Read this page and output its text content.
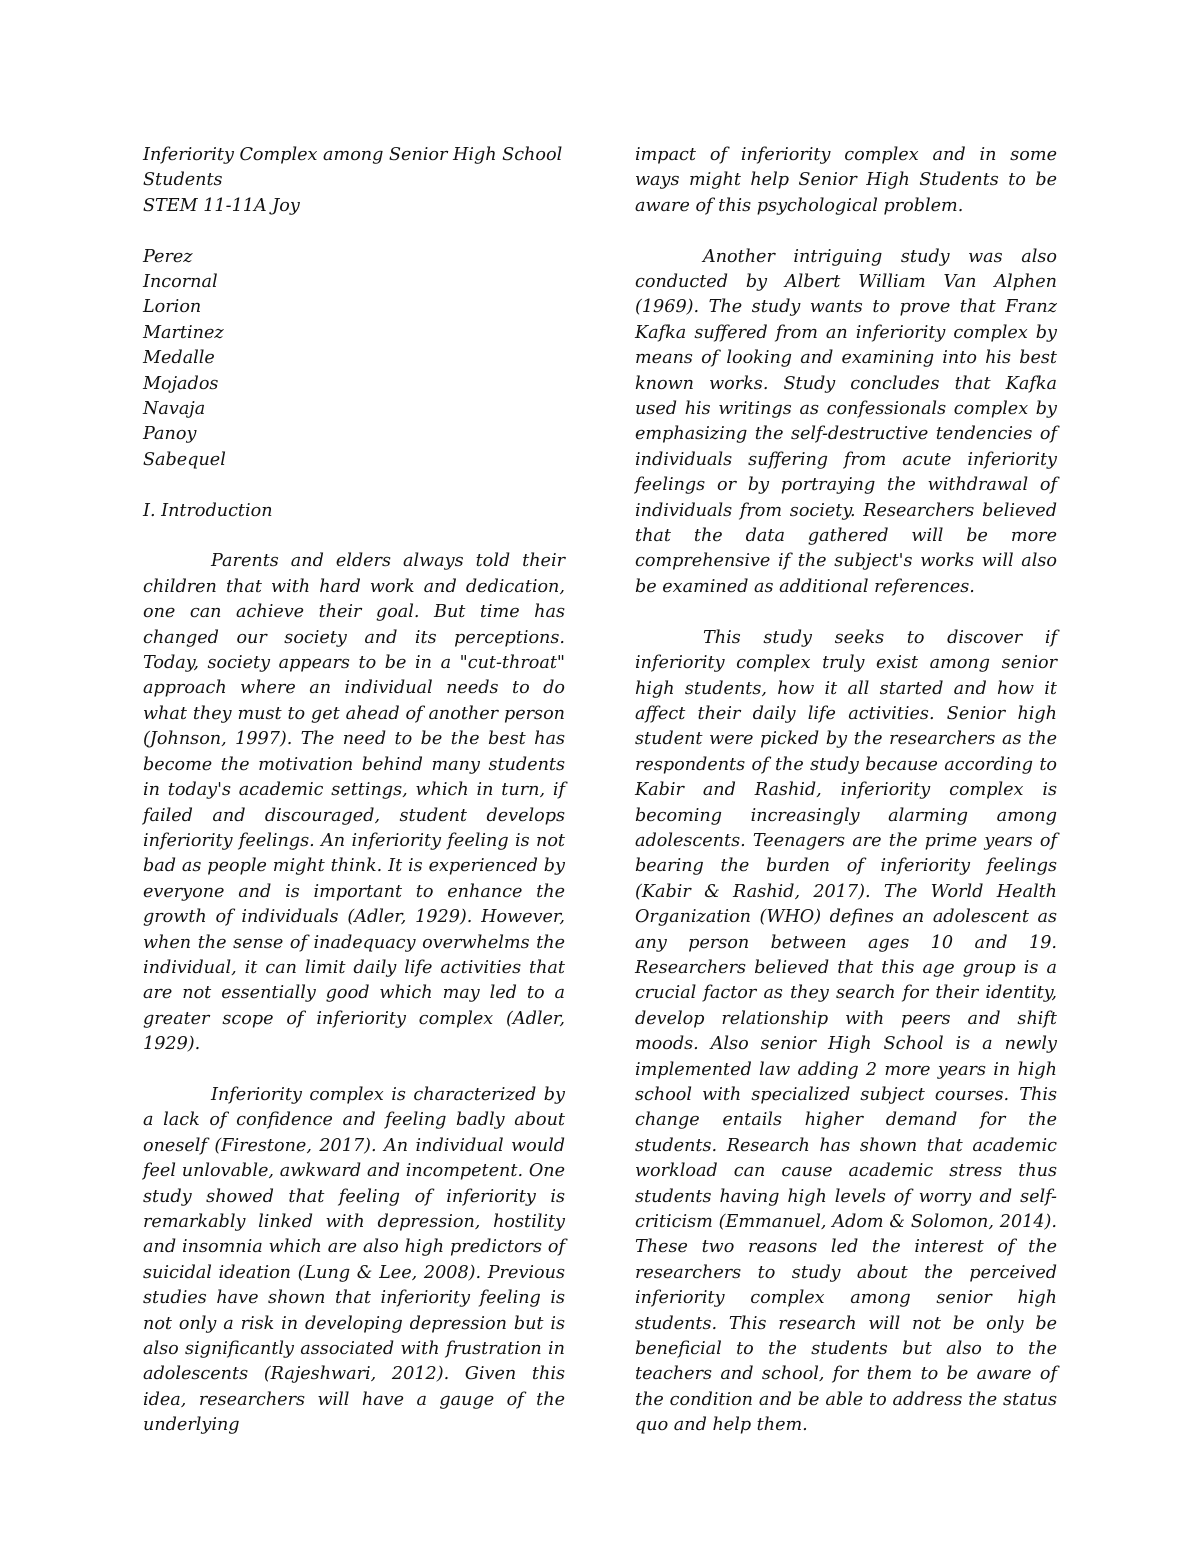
Inferiority Complex among Senior High School
Students
STEM 11-11A Joy
Perez
Incornal
Lorion
Martinez
Medalle
Mojados
Navaja
Panoy
Sabequel

I. Introduction

Parents and elders always told their children that with hard work and dedication, one can achieve their goal. But time has changed our society and its perceptions. Today, society appears to be in a "cut-throat" approach where an individual needs to do what they must to get ahead of another person (Johnson, 1997). The need to be the best has become the motivation behind many students in today's academic settings, which in turn, if failed and discouraged, student develops inferiority feelings. An inferiority feeling is not bad as people might think. It is experienced by everyone and is important to enhance the growth of individuals (Adler, 1929). However, when the sense of inadequacy overwhelms the individual, it can limit daily life activities that are not essentially good which may led to a greater scope of inferiority complex (Adler, 1929).

Inferiority complex is characterized by a lack of confidence and feeling badly about oneself (Firestone, 2017). An individual would feel unlovable, awkward and incompetent. One study showed that feeling of inferiority is remarkably linked with depression, hostility and insomnia which are also high predictors of suicidal ideation (Lung & Lee, 2008). Previous studies have shown that inferiority feeling is not only a risk in developing depression but is also significantly associated with frustration in adolescents (Rajeshwari, 2012). Given this idea, researchers will have a gauge of the underlying

impact of inferiority complex and in some ways might help Senior High Students to be aware of this psychological problem.

Another intriguing study was also conducted by Albert William Van Alphen (1969). The study wants to prove that Franz Kafka suffered from an inferiority complex by means of looking and examining into his best known works. Study concludes that Kafka used his writings as confessionals complex by emphasizing the self-destructive tendencies of individuals suffering from acute inferiority feelings or by portraying the withdrawal of individuals from society. Researchers believed that the data gathered will be more comprehensive if the subject's works will also be examined as additional references.

This study seeks to discover if inferiority complex truly exist among senior high students, how it all started and how it affect their daily life activities. Senior high student were picked by the researchers as the respondents of the study because according to Kabir and Rashid, inferiority complex is becoming increasingly alarming among adolescents. Teenagers are the prime years of bearing the burden of inferiority feelings (Kabir & Rashid, 2017). The World Health Organization (WHO) defines an adolescent as any person between ages 10 and 19. Researchers believed that this age group is a crucial factor as they search for their identity, develop relationship with peers and shift moods. Also senior High School is a newly implemented law adding 2 more years in high school with specialized subject courses. This change entails higher demand for the students. Research has shown that academic workload can cause academic stress thus students having high levels of worry and self-criticism (Emmanuel, Adom & Solomon, 2014). These two reasons led the interest of the researchers to study about the perceived inferiority complex among senior high students. This research will not be only be beneficial to the students but also to the teachers and school, for them to be aware of the condition and be able to address the status quo and help them.
